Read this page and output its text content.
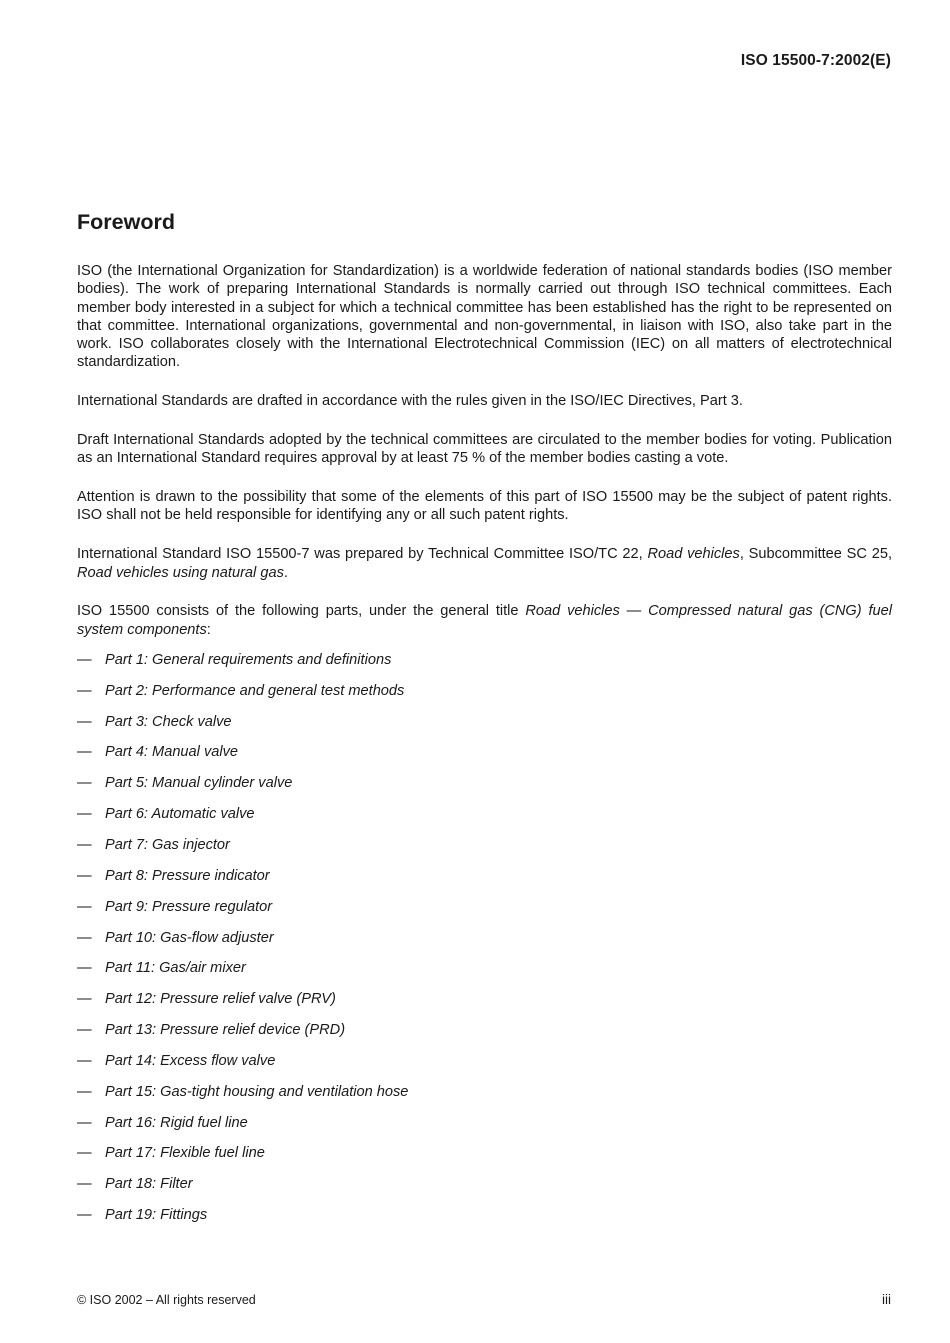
ISO 15500-7:2002(E)
Foreword

ISO (the International Organization for Standardization) is a worldwide federation of national standards bodies (ISO member bodies). The work of preparing International Standards is normally carried out through ISO technical committees. Each member body interested in a subject for which a technical committee has been established has the right to be represented on that committee. International organizations, governmental and non-governmental, in liaison with ISO, also take part in the work. ISO collaborates closely with the International Electrotechnical Commission (IEC) on all matters of electrotechnical standardization.

International Standards are drafted in accordance with the rules given in the ISO/IEC Directives, Part 3.

Draft International Standards adopted by the technical committees are circulated to the member bodies for voting. Publication as an International Standard requires approval by at least 75 % of the member bodies casting a vote.

Attention is drawn to the possibility that some of the elements of this part of ISO 15500 may be the subject of patent rights. ISO shall not be held responsible for identifying any or all such patent rights.

International Standard ISO 15500-7 was prepared by Technical Committee ISO/TC 22, Road vehicles, Subcommittee SC 25, Road vehicles using natural gas.

ISO 15500 consists of the following parts, under the general title Road vehicles — Compressed natural gas (CNG) fuel system components:

— Part 1: General requirements and definitions
— Part 2: Performance and general test methods
— Part 3: Check valve
— Part 4: Manual valve
— Part 5: Manual cylinder valve
— Part 6: Automatic valve
— Part 7: Gas injector
— Part 8: Pressure indicator
— Part 9: Pressure regulator
— Part 10: Gas-flow adjuster
— Part 11: Gas/air mixer
— Part 12: Pressure relief valve (PRV)
— Part 13: Pressure relief device (PRD)
— Part 14: Excess flow valve
— Part 15: Gas-tight housing and ventilation hose
— Part 16: Rigid fuel line
— Part 17: Flexible fuel line
— Part 18: Filter
— Part 19: Fittings
© ISO 2002 – All rights reserved	iii
